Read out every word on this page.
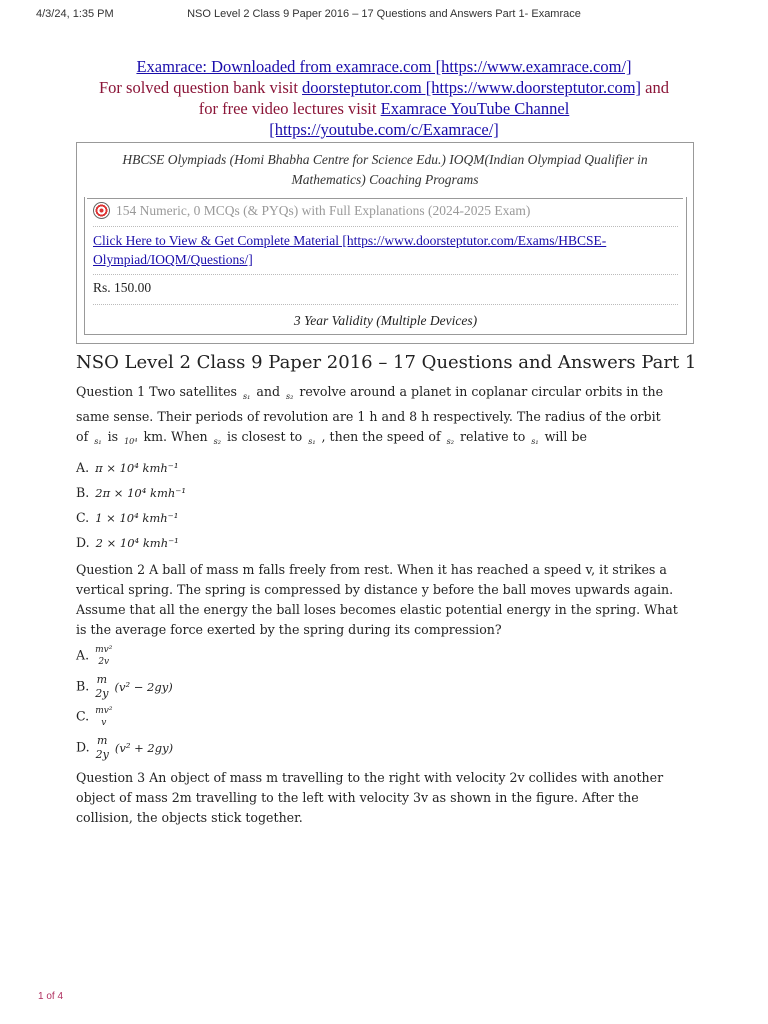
4/3/24, 1:35 PM	NSO Level 2 Class 9 Paper 2016 – 17 Questions and Answers Part 1- Examrace
Examrace: Downloaded from examrace.com [https://www.examrace.com/]
For solved question bank visit doorsteptutor.com [https://www.doorsteptutor.com] and
for free video lectures visit Examrace YouTube Channel
[https://youtube.com/c/Examrace/]
HBCSE Olympiads (Homi Bhabha Centre for Science Edu.) IOQM(Indian Olympiad Qualifier in Mathematics) Coaching Programs
154 Numeric, 0 MCQs (& PYQs) with Full Explanations (2024-2025 Exam)
Click Here to View & Get Complete Material [https://www.doorsteptutor.com/Exams/HBCSE-Olympiad/IOQM/Questions/]
Rs. 150.00
3 Year Validity (Multiple Devices)
NSO Level 2 Class 9 Paper 2016 – 17 Questions and Answers Part 1

Question 1 Two satellites $_{s_1}$ and $_{s_2}$ revolve around a planet in coplanar circular orbits in the same sense. Their periods of revolution are 1 h and 8 h respectively. The radius of the orbit of $_{s_1}$ is $_{10^4}$ km. When $_{s_2}$ is closest to $_{s_1}$ , then the speed of $_{s_2}$ relative to $_{s_1}$ will be

A. π × 10⁴ kmh⁻¹
B. 2π × 10⁴ kmh⁻¹
C. 1 × 10⁴ kmh⁻¹
D. 2 × 10⁴ kmh⁻¹

Question 2 A ball of mass m falls freely from rest. When it has reached a speed v, it strikes a vertical spring. The spring is compressed by distance y before the ball moves upwards again. Assume that all the energy the ball loses becomes elastic potential energy in the spring. What is the average force exerted by the spring during its compression?

A. mv²
2v
B. m
2y (v² − 2gy)
C. mv²
v
D. m
2y (v² + 2gy)

Question 3 An object of mass m travelling to the right with velocity 2v collides with another object of mass 2m travelling to the left with velocity 3v as shown in the figure. After the collision, the objects stick together.

1 of 4
